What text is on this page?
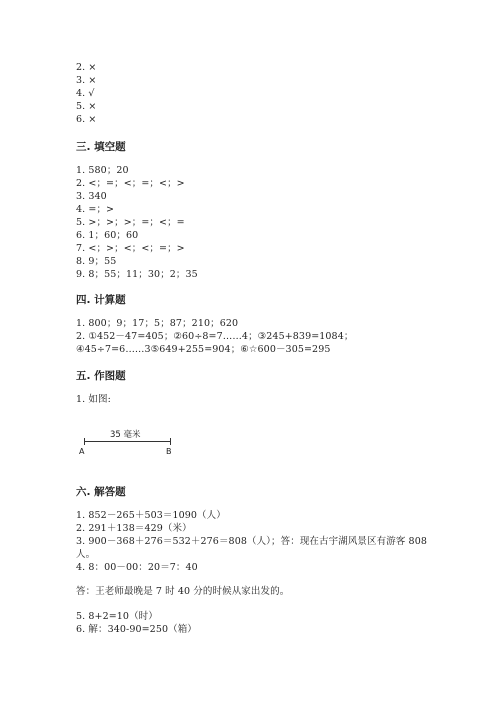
2. ×
3. ×
4. √
5. ×
6. ×
三. 填空题
1. 580；20
2. <；=；<；=；<；>
3. 340
4. =；>
5. >；>；>；=；<；=
6. 1；60；60
7. <；>；<；<；=；>
8. 9；55
9. 8；55；11；30；2；35
四. 计算题
1. 800；9；17；5；87；210；620
2. ①452－47=405；②60÷8=7……4；③245+839=1084；
④45÷7=6……3⑤649+255=904；⑥☆600－305=295
五. 作图题
1. 如图:
35 毫米
A	B
六. 解答题
1. 852－265＋503＝1090（人）
2. 291＋138＝429（米）
3. 900－368＋276＝532＋276＝808（人）；答：现在古宇湖风景区有游客 808
人。
4. 8：00－00：20＝7：40
答：王老师最晚是 7 时 40 分的时候从家出发的。
5. 8+2=10（时）
6. 解：340-90=250（箱）
